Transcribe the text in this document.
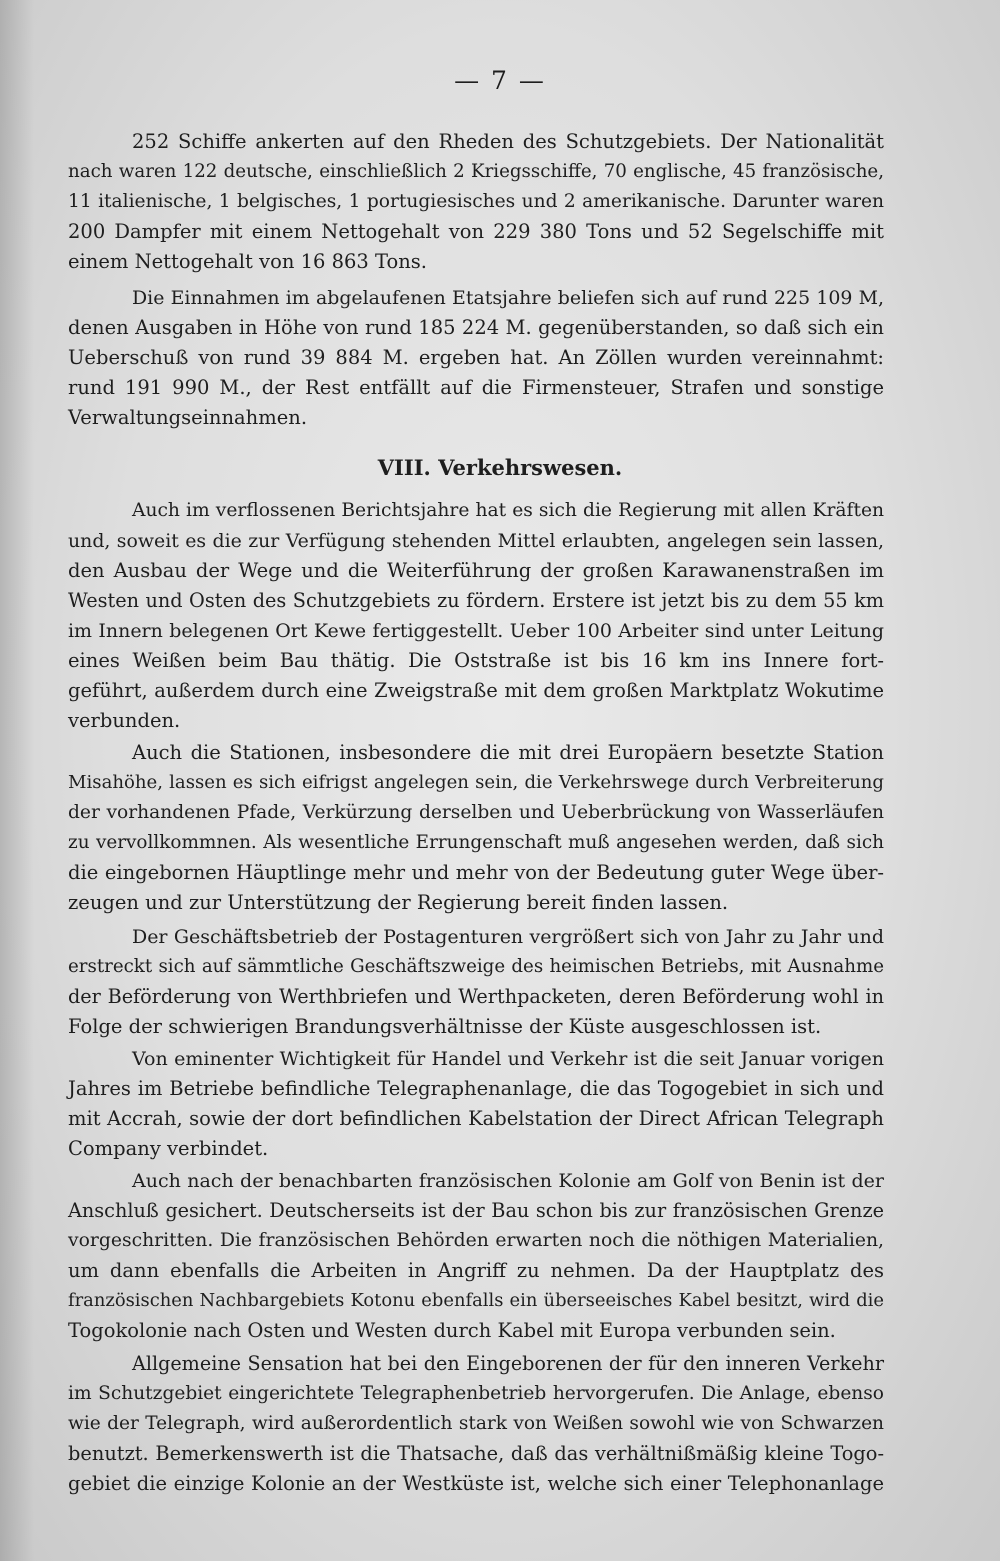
— 7 —
252 Schiffe ankerten auf den Rheden des Schutzgebiets. Der Nationalität
nach waren 122 deutsche, einschließlich 2 Kriegsschiffe, 70 englische, 45 französische,
11 italienische, 1 belgisches, 1 portugiesisches und 2 amerikanische. Darunter waren
200 Dampfer mit einem Nettogehalt von 229 380 Tons und 52 Segelschiffe mit
einem Nettogehalt von 16 863 Tons.
Die Einnahmen im abgelaufenen Etatsjahre beliefen sich auf rund 225 109 M,
denen Ausgaben in Höhe von rund 185 224 M. gegenüberstanden, so daß sich ein
Ueberschuß von rund 39 884 M. ergeben hat. An Zöllen wurden vereinnahmt:
rund 191 990 M., der Rest entfällt auf die Firmensteuer, Strafen und sonstige
Verwaltungseinnahmen.
VIII. Verkehrswesen.
Auch im verflossenen Berichtsjahre hat es sich die Regierung mit allen Kräften
und, soweit es die zur Verfügung stehenden Mittel erlaubten, angelegen sein lassen,
den Ausbau der Wege und die Weiterführung der großen Karawanenstraßen im
Westen und Osten des Schutzgebiets zu fördern. Erstere ist jetzt bis zu dem 55 km
im Innern belegenen Ort Kewe fertiggestellt. Ueber 100 Arbeiter sind unter Leitung
eines Weißen beim Bau thätig. Die Oststraße ist bis 16 km ins Innere fort-
geführt, außerdem durch eine Zweigstraße mit dem großen Marktplatz Wokutime
verbunden.
Auch die Stationen, insbesondere die mit drei Europäern besetzte Station
Misahöhe, lassen es sich eifrigst angelegen sein, die Verkehrswege durch Verbreiterung
der vorhandenen Pfade, Verkürzung derselben und Ueberbrückung von Wasserläufen
zu vervollkommnen. Als wesentliche Errungenschaft muß angesehen werden, daß sich
die eingebornen Häuptlinge mehr und mehr von der Bedeutung guter Wege über-
zeugen und zur Unterstützung der Regierung bereit finden lassen.
Der Geschäftsbetrieb der Postagenturen vergrößert sich von Jahr zu Jahr und
erstreckt sich auf sämmtliche Geschäftszweige des heimischen Betriebs, mit Ausnahme
der Beförderung von Werthbriefen und Werthpacketen, deren Beförderung wohl in
Folge der schwierigen Brandungsverhältnisse der Küste ausgeschlossen ist.
Von eminenter Wichtigkeit für Handel und Verkehr ist die seit Januar vorigen
Jahres im Betriebe befindliche Telegraphenanlage, die das Togogebiet in sich und
mit Accrah, sowie der dort befindlichen Kabelstation der Direct African Telegraph
Company verbindet.
Auch nach der benachbarten französischen Kolonie am Golf von Benin ist der
Anschluß gesichert. Deutscherseits ist der Bau schon bis zur französischen Grenze
vorgeschritten. Die französischen Behörden erwarten noch die nöthigen Materialien,
um dann ebenfalls die Arbeiten in Angriff zu nehmen. Da der Hauptplatz des
französischen Nachbargebiets Kotonu ebenfalls ein überseeisches Kabel besitzt, wird die
Togokolonie nach Osten und Westen durch Kabel mit Europa verbunden sein.
Allgemeine Sensation hat bei den Eingeborenen der für den inneren Verkehr
im Schutzgebiet eingerichtete Telegraphenbetrieb hervorgerufen. Die Anlage, ebenso
wie der Telegraph, wird außerordentlich stark von Weißen sowohl wie von Schwarzen
benutzt. Bemerkenswerth ist die Thatsache, daß das verhältnißmäßig kleine Togo-
gebiet die einzige Kolonie an der Westküste ist, welche sich einer Telephonanlage
